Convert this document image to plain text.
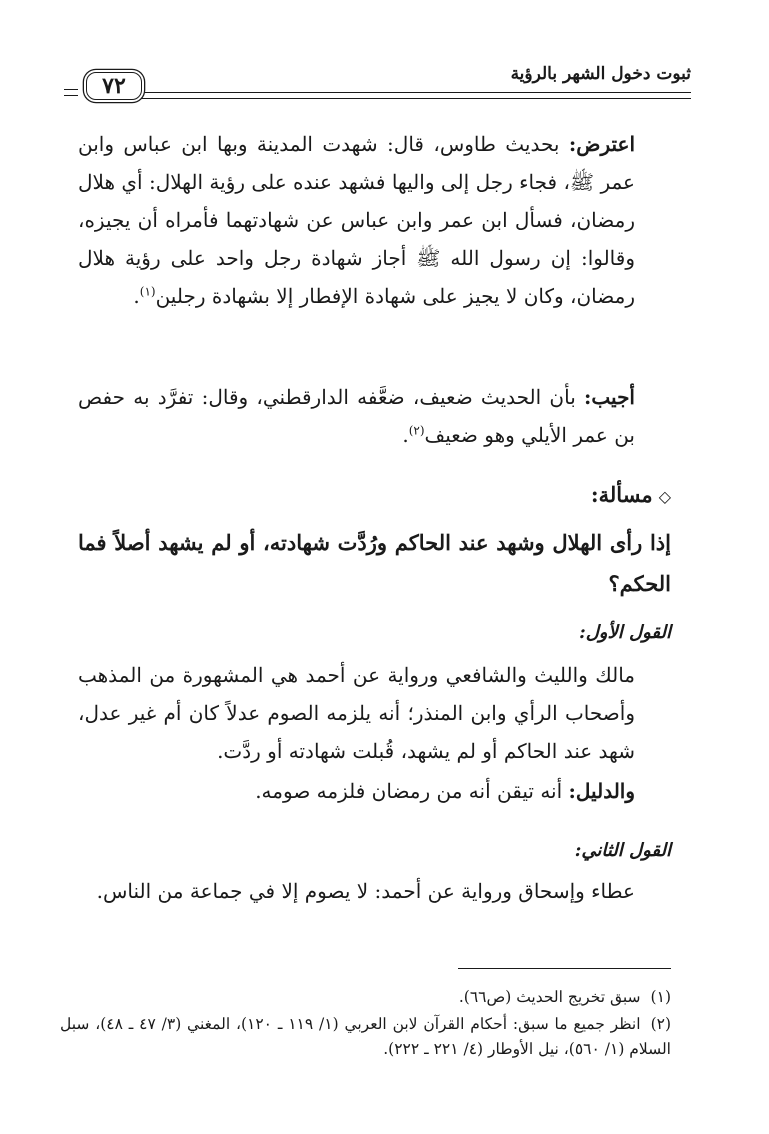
ثبوت دخول الشهر بالرؤية
٧٢
اعترض: بحديث طاوس، قال: شهدت المدينة وبها ابن عباس وابن عمر ﷺ، فجاء رجل إلى واليها فشهد عنده على رؤية الهلال: أي هلال رمضان، فسأل ابن عمر وابن عباس عن شهادتهما فأمراه أن يجيزه، وقالوا: إن رسول الله ﷺ أجاز شهادة رجل واحد على رؤية هلال رمضان، وكان لا يجيز على شهادة الإفطار إلا بشهادة رجلين$^{(١)}$.
أجيب: بأن الحديث ضعيف، ضعَّفه الدارقطني، وقال: تفرَّد به حفص بن عمر الأيلي وهو ضعيف$^{(٢)}$.
◇مسألة:
إذا رأى الهلال وشهد عند الحاكم ورُدَّت شهادته، أو لم يشهد أصلاً فما الحكم؟
القول الأول:
مالك والليث والشافعي ورواية عن أحمد هي المشهورة من المذهب وأصحاب الرأي وابن المنذر؛ أنه يلزمه الصوم عدلاً كان أم غير عدل، شهد عند الحاكم أو لم يشهد، قُبلت شهادته أو ردَّت.
والدليل: أنه تيقن أنه من رمضان فلزمه صومه.
القول الثاني:
عطاء وإسحاق ورواية عن أحمد: لا يصوم إلا في جماعة من الناس.
(١)سبق تخريج الحديث (ص٦٦).
(٢)انظر جميع ما سبق: أحكام القرآن لابن العربي (١/ ١١٩ ـ ١٢٠)، المغني (٣/ ٤٧ ـ ٤٨)، سبل السلام (١/ ٥٦٠)، نيل الأوطار (٤/ ٢٢١ ـ ٢٢٢).
